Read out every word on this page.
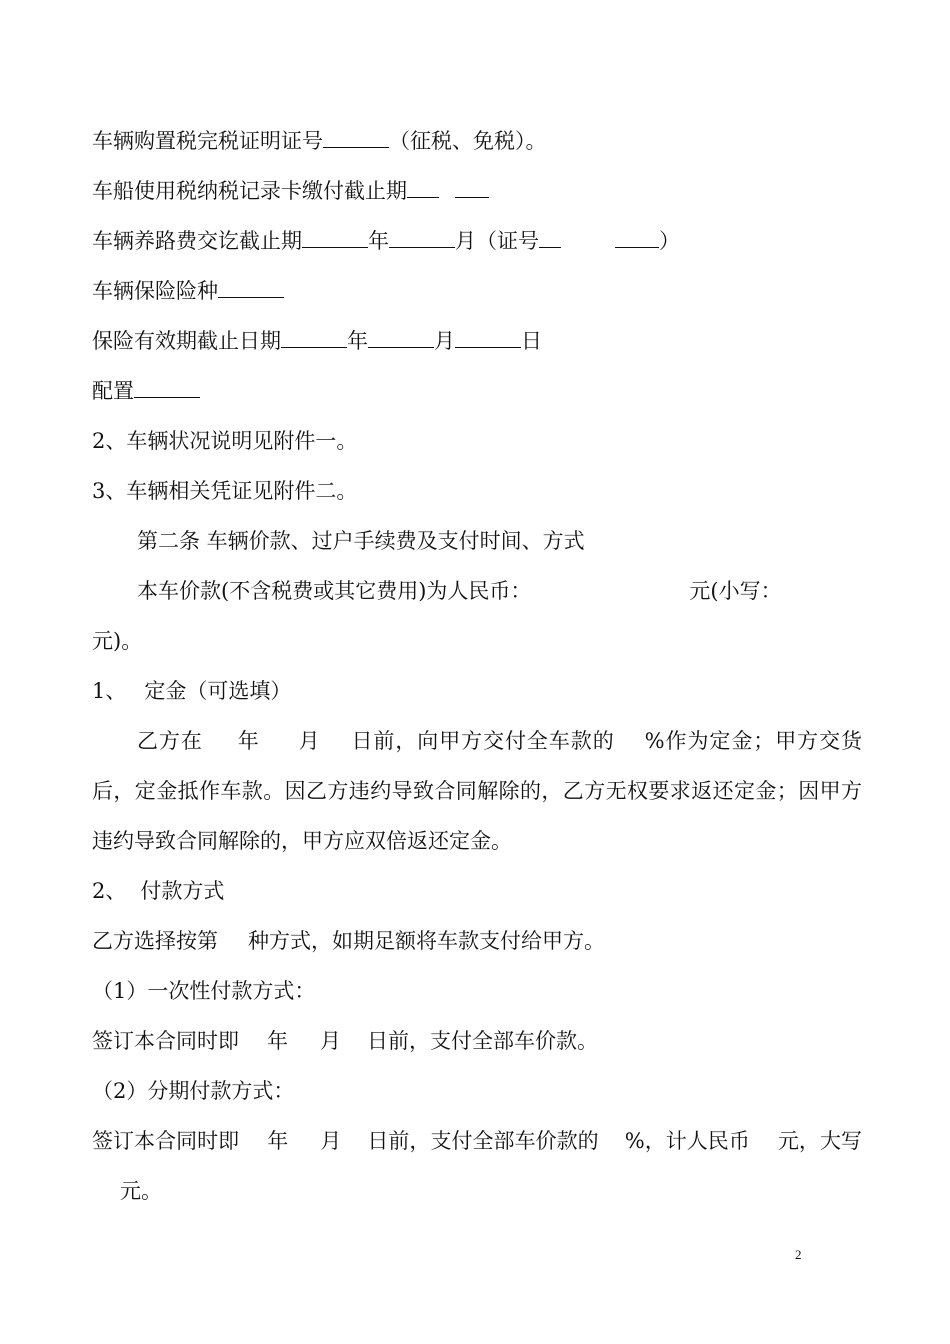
车辆购置税完税证明证号	（征税、免税）。
车船使用税纳税记录卡缴付截止期
车辆养路费交讫截止期	年	月（证号	）
车辆保险险种
保险有效期截止日期	年	月	日
配置
2、车辆状况说明见附件一。
3、车辆相关凭证见附件二。
第二条 车辆价款、过户手续费及支付时间、方式
本车价款(不含税费或其它费用)为人民币：	元(小写：
元)。
1、 定金（可选填）
乙方在 年 月 日前，向甲方交付全车款的 %作为定金；甲方交货后，定金抵作车款。因乙方违约导致合同解除的，乙方无权要求返还定金；因甲方违约导致合同解除的，甲方应双倍返还定金。
2、 付款方式
乙方选择按第 种方式，如期足额将车款支付给甲方。
（1）一次性付款方式：
签订本合同时即 年 月 日前，支付全部车价款。
（2）分期付款方式：
签订本合同时即 年 月 日前，支付全部车价款的 %，计人民币 元，大写元。
2
